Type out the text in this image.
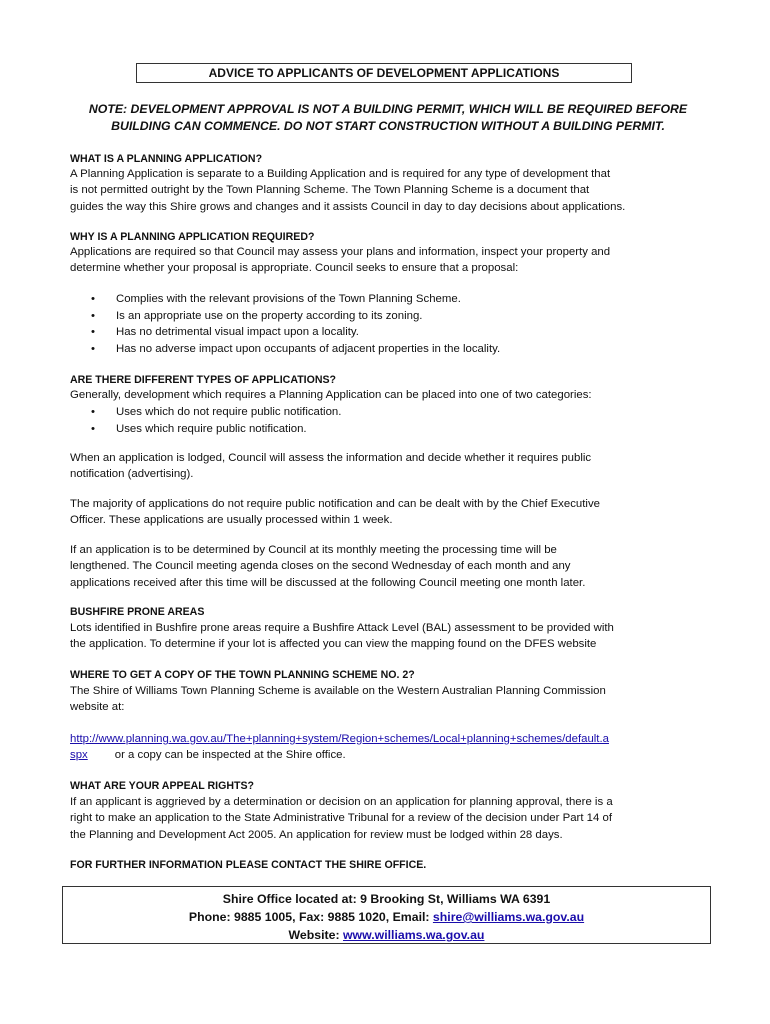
ADVICE TO APPLICANTS OF DEVELOPMENT APPLICATIONS
NOTE: DEVELOPMENT APPROVAL IS NOT A BUILDING PERMIT, WHICH WILL BE REQUIRED BEFORE
BUILDING CAN COMMENCE. DO NOT START CONSTRUCTION WITHOUT A BUILDING PERMIT.
WHAT IS A PLANNING APPLICATION?
A Planning Application is separate to a Building Application and is required for any type of development that
is not permitted outright by the Town Planning Scheme. The Town Planning Scheme is a document that
guides the way this Shire grows and changes and it assists Council in day to day decisions about applications.
WHY IS A PLANNING APPLICATION REQUIRED?
Applications are required so that Council may assess your plans and information, inspect your property and
determine whether your proposal is appropriate. Council seeks to ensure that a proposal:
• Complies with the relevant provisions of the Town Planning Scheme.
• Is an appropriate use on the property according to its zoning.
• Has no detrimental visual impact upon a locality.
• Has no adverse impact upon occupants of adjacent properties in the locality.
ARE THERE DIFFERENT TYPES OF APPLICATIONS?
Generally, development which requires a Planning Application can be placed into one of two categories:
• Uses which do not require public notification.
• Uses which require public notification.
When an application is lodged, Council will assess the information and decide whether it requires public
notification (advertising).
The majority of applications do not require public notification and can be dealt with by the Chief Executive
Officer. These applications are usually processed within 1 week.
If an application is to be determined by Council at its monthly meeting the processing time will be
lengthened. The Council meeting agenda closes on the second Wednesday of each month and any
applications received after this time will be discussed at the following Council meeting one month later.
BUSHFIRE PRONE AREAS
Lots identified in Bushfire prone areas require a Bushfire Attack Level (BAL) assessment to be provided with
the application. To determine if your lot is affected you can view the mapping found on the DFES website
WHERE TO GET A COPY OF THE TOWN PLANNING SCHEME NO. 2?
The Shire of Williams Town Planning Scheme is available on the Western Australian Planning Commission
website at:
http://www.planning.wa.gov.au/The+planning+system/Region+schemes/Local+planning+schemes/default.a
spx or a copy can be inspected at the Shire office.
WHAT ARE YOUR APPEAL RIGHTS?
If an applicant is aggrieved by a determination or decision on an application for planning approval, there is a
right to make an application to the State Administrative Tribunal for a review of the decision under Part 14 of
the Planning and Development Act 2005. An application for review must be lodged within 28 days.
FOR FURTHER INFORMATION PLEASE CONTACT THE SHIRE OFFICE.
Shire Office located at: 9 Brooking St, Williams WA 6391
Phone: 9885 1005, Fax: 9885 1020, Email: shire@williams.wa.gov.au
Website: www.williams.wa.gov.au
